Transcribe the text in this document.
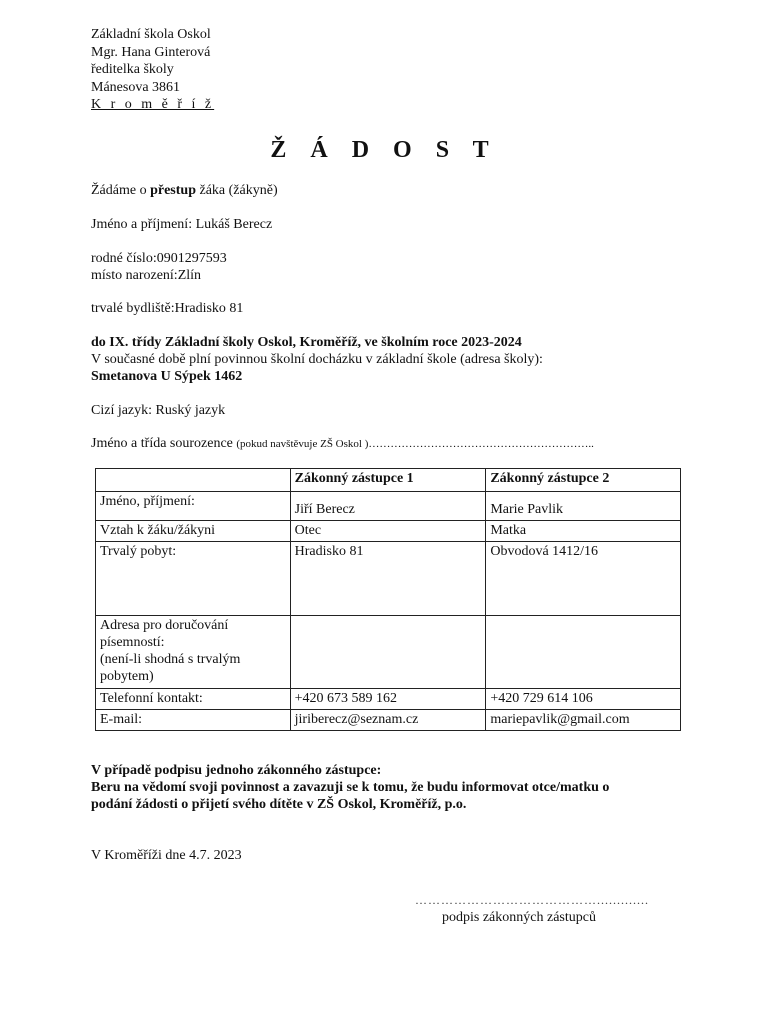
Základní škola Oskol
Mgr. Hana Ginterová
ředitelka školy
Mánesova 3861
K r o m ě ř í ž
Ž Á D O S T
Žádáme o přestup žáka (žákyně)
Jméno a příjmení: Lukáš Berecz
rodné číslo:0901297593
místo narození:Zlín
trvalé bydliště:Hradisko 81
do IX. třídy Základní školy Oskol, Kroměříž, ve školním roce 2023-2024
V současné době plní povinnou školní docházku v základní škole (adresa školy):
Smetanova U Sýpek 1462
Cizí jazyk: Ruský jazyk
Jméno a třída sourozence (pokud navštěvuje ZŠ Oskol )……………………………………………………..
	Zákonný zástupce 1	Zákonný zástupce 2
Jméno, příjmení:	Jiří Berecz	Marie Pavlik
Vztah k žáku/žákyni	Otec	Matka
Trvalý pobyt:	Hradisko 81	Obvodová 1412/16

Adresa pro doručování
písemností:
(není-li shodná s trvalým
pobytem)		

Telefonní kontakt:	+420 673 589 162	+420 729 614 106
E-mail:	jiriberecz@seznam.cz	mariepavlik@gmail.com
V případě podpisu jednoho zákonného zástupce:
Beru na vědomí svoji povinnost a zavazuji se k tomu, že budu informovat otce/matku o
podání žádosti o přijetí svého dítěte v ZŠ Oskol, Kroměříž, p.o.
V Kroměříži dne 4.7. 2023
…………………………………….............
podpis zákonných zástupců
